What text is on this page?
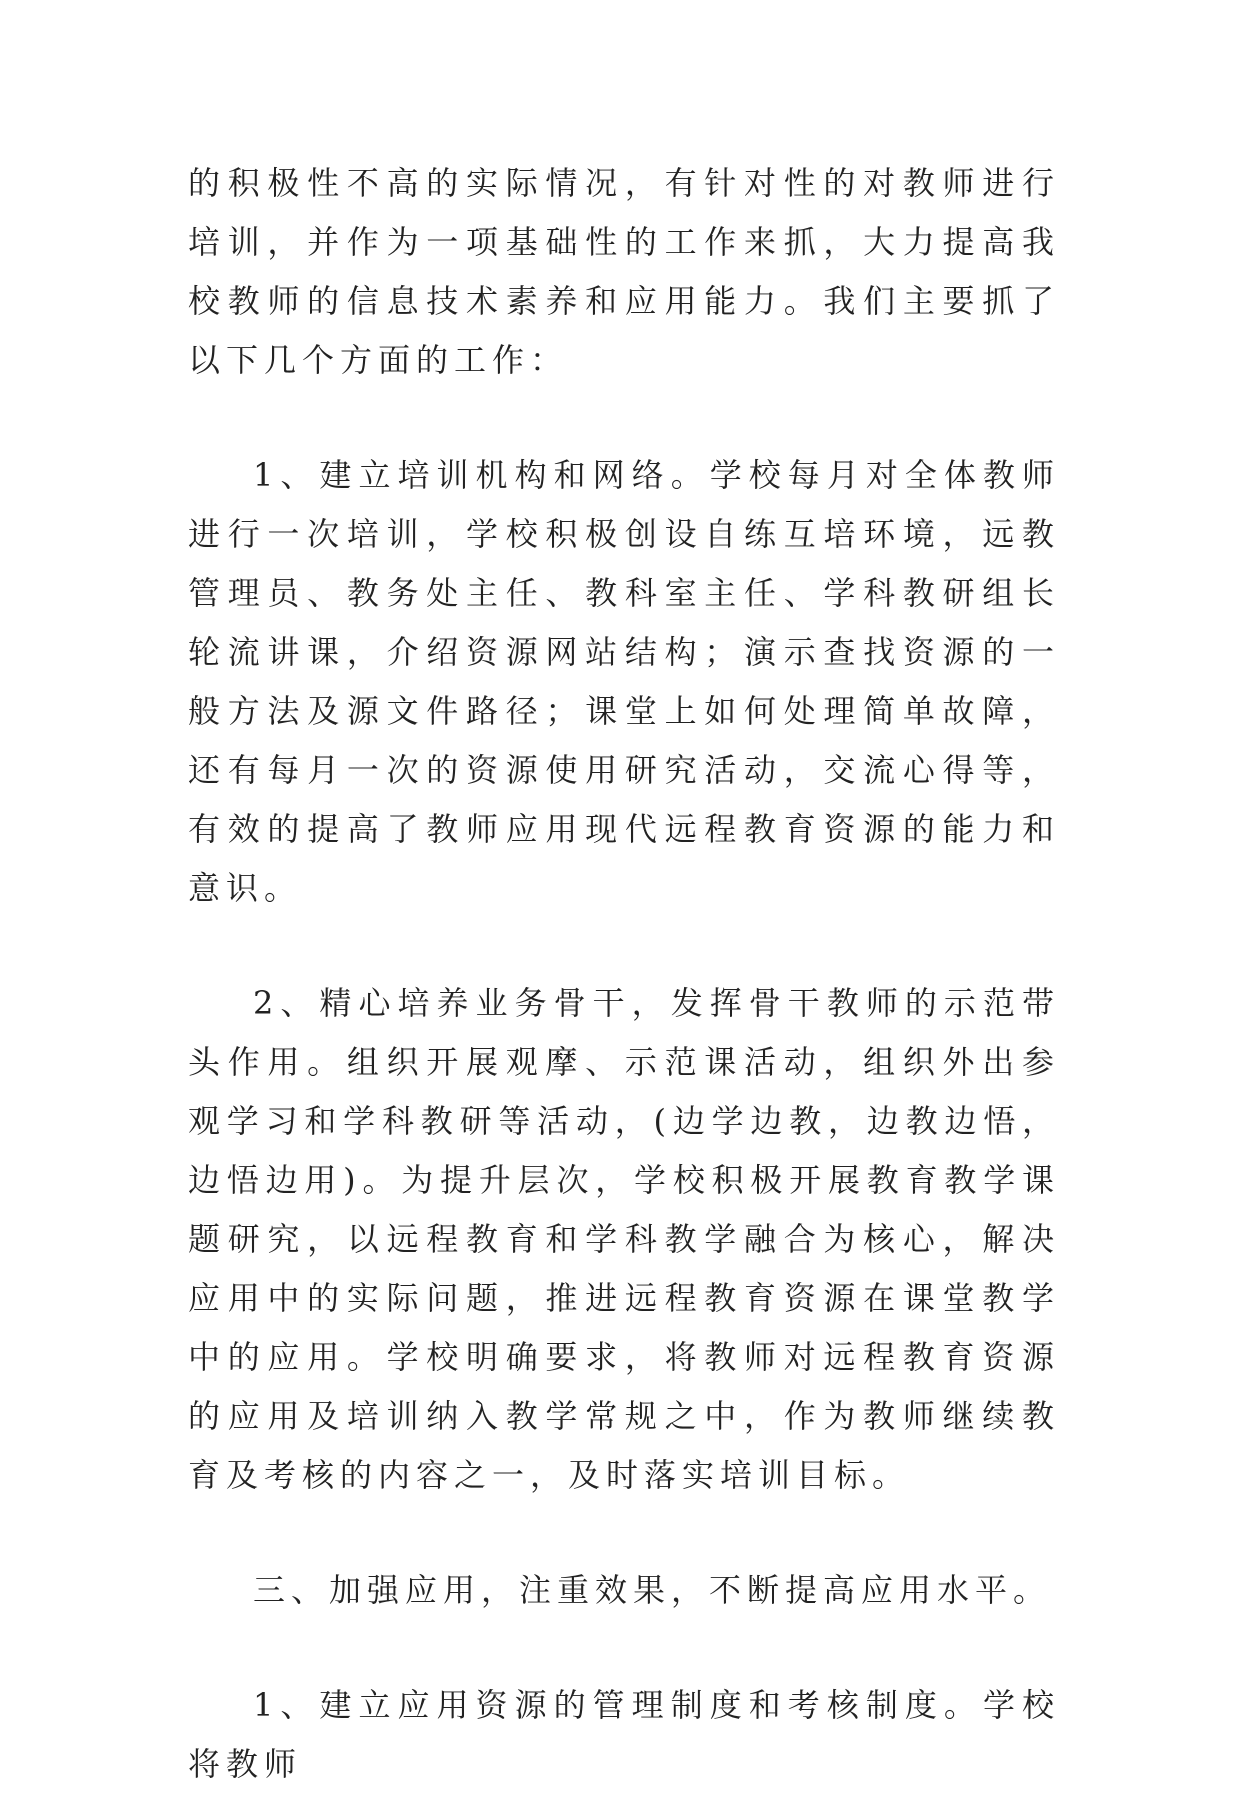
的积极性不高的实际情况，有针对性的对教师进行培训，并作为一项基础性的工作来抓，大力提高我校教师的信息技术素养和应用能力。我们主要抓了以下几个方面的工作：

1、建立培训机构和网络。学校每月对全体教师进行一次培训，学校积极创设自练互培环境，远教管理员、教务处主任、教科室主任、学科教研组长轮流讲课，介绍资源网站结构；演示查找资源的一般方法及源文件路径；课堂上如何处理简单故障，还有每月一次的资源使用研究活动，交流心得等，有效的提高了教师应用现代远程教育资源的能力和意识。

2、精心培养业务骨干，发挥骨干教师的示范带头作用。组织开展观摩、示范课活动，组织外出参观学习和学科教研等活动，(边学边教，边教边悟，边悟边用)。为提升层次，学校积极开展教育教学课题研究，以远程教育和学科教学融合为核心，解决应用中的实际问题，推进远程教育资源在课堂教学中的应用。学校明确要求，将教师对远程教育资源的应用及培训纳入教学常规之中，作为教师继续教育及考核的内容之一，及时落实培训目标。

三、加强应用，注重效果，不断提高应用水平。

1、建立应用资源的管理制度和考核制度。学校将教师
